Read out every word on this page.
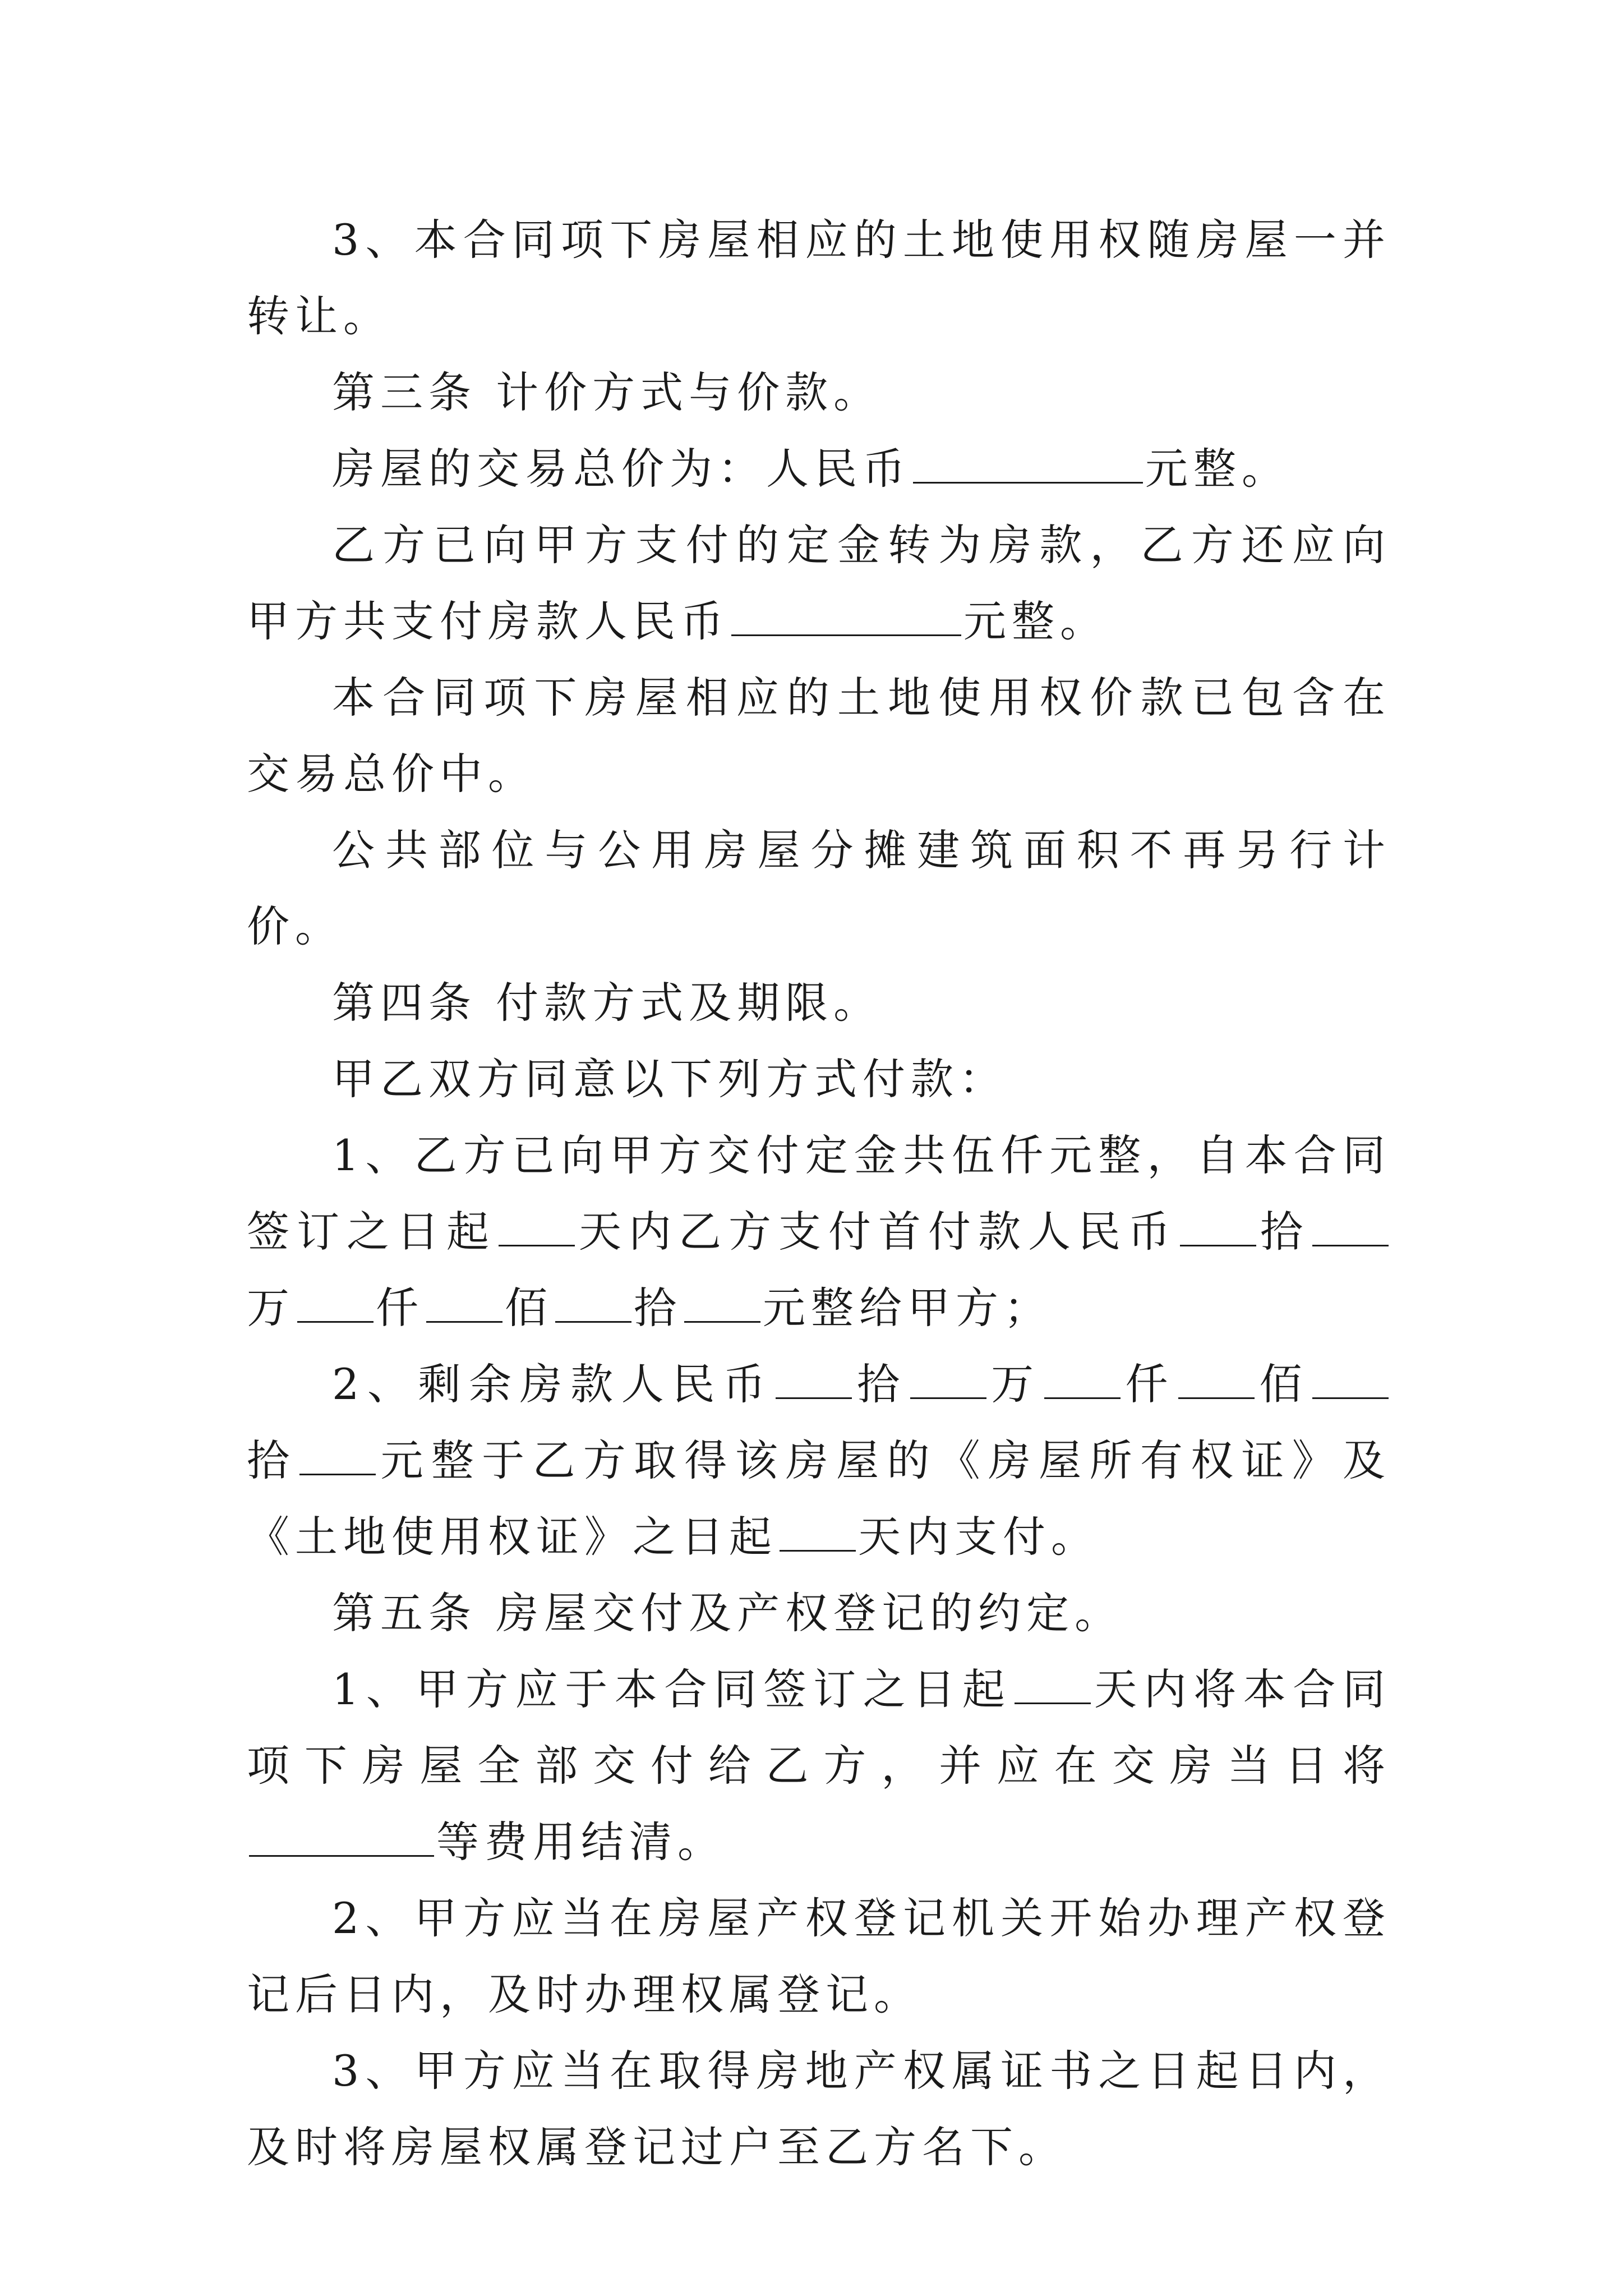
3、本合同项下房屋相应的土地使用权随房屋一并转让。

第三条 计价方式与价款。

房屋的交易总价为：人民币	元整。

乙方已向甲方支付的定金转为房款，乙方还应向甲方共支付房款人民币	元整。

本合同项下房屋相应的土地使用权价款已包含在交易总价中。

公共部位与公用房屋分摊建筑面积不再另行计价。

第四条 付款方式及期限。

甲乙双方同意以下列方式付款：

1、乙方已向甲方交付定金共伍仟元整，自本合同签订之日起 天内乙方支付首付款人民币 拾万 仟 佰 拾 元整给甲方；

2、剩余房款人民币 拾 万 仟 佰拾 元整于乙方取得该房屋的《房屋所有权证》及《土地使用权证》之日起 天内支付。

第五条 房屋交付及产权登记的约定。

1、甲方应于本合同签订之日起 天内将本合同项下房屋全部交付给乙方，并应在交房当日将等费用结清。

2、甲方应当在房屋产权登记机关开始办理产权登记后日内，及时办理权属登记。

3、甲方应当在取得房地产权属证书之日起日内，及时将房屋权属登记过户至乙方名下。
